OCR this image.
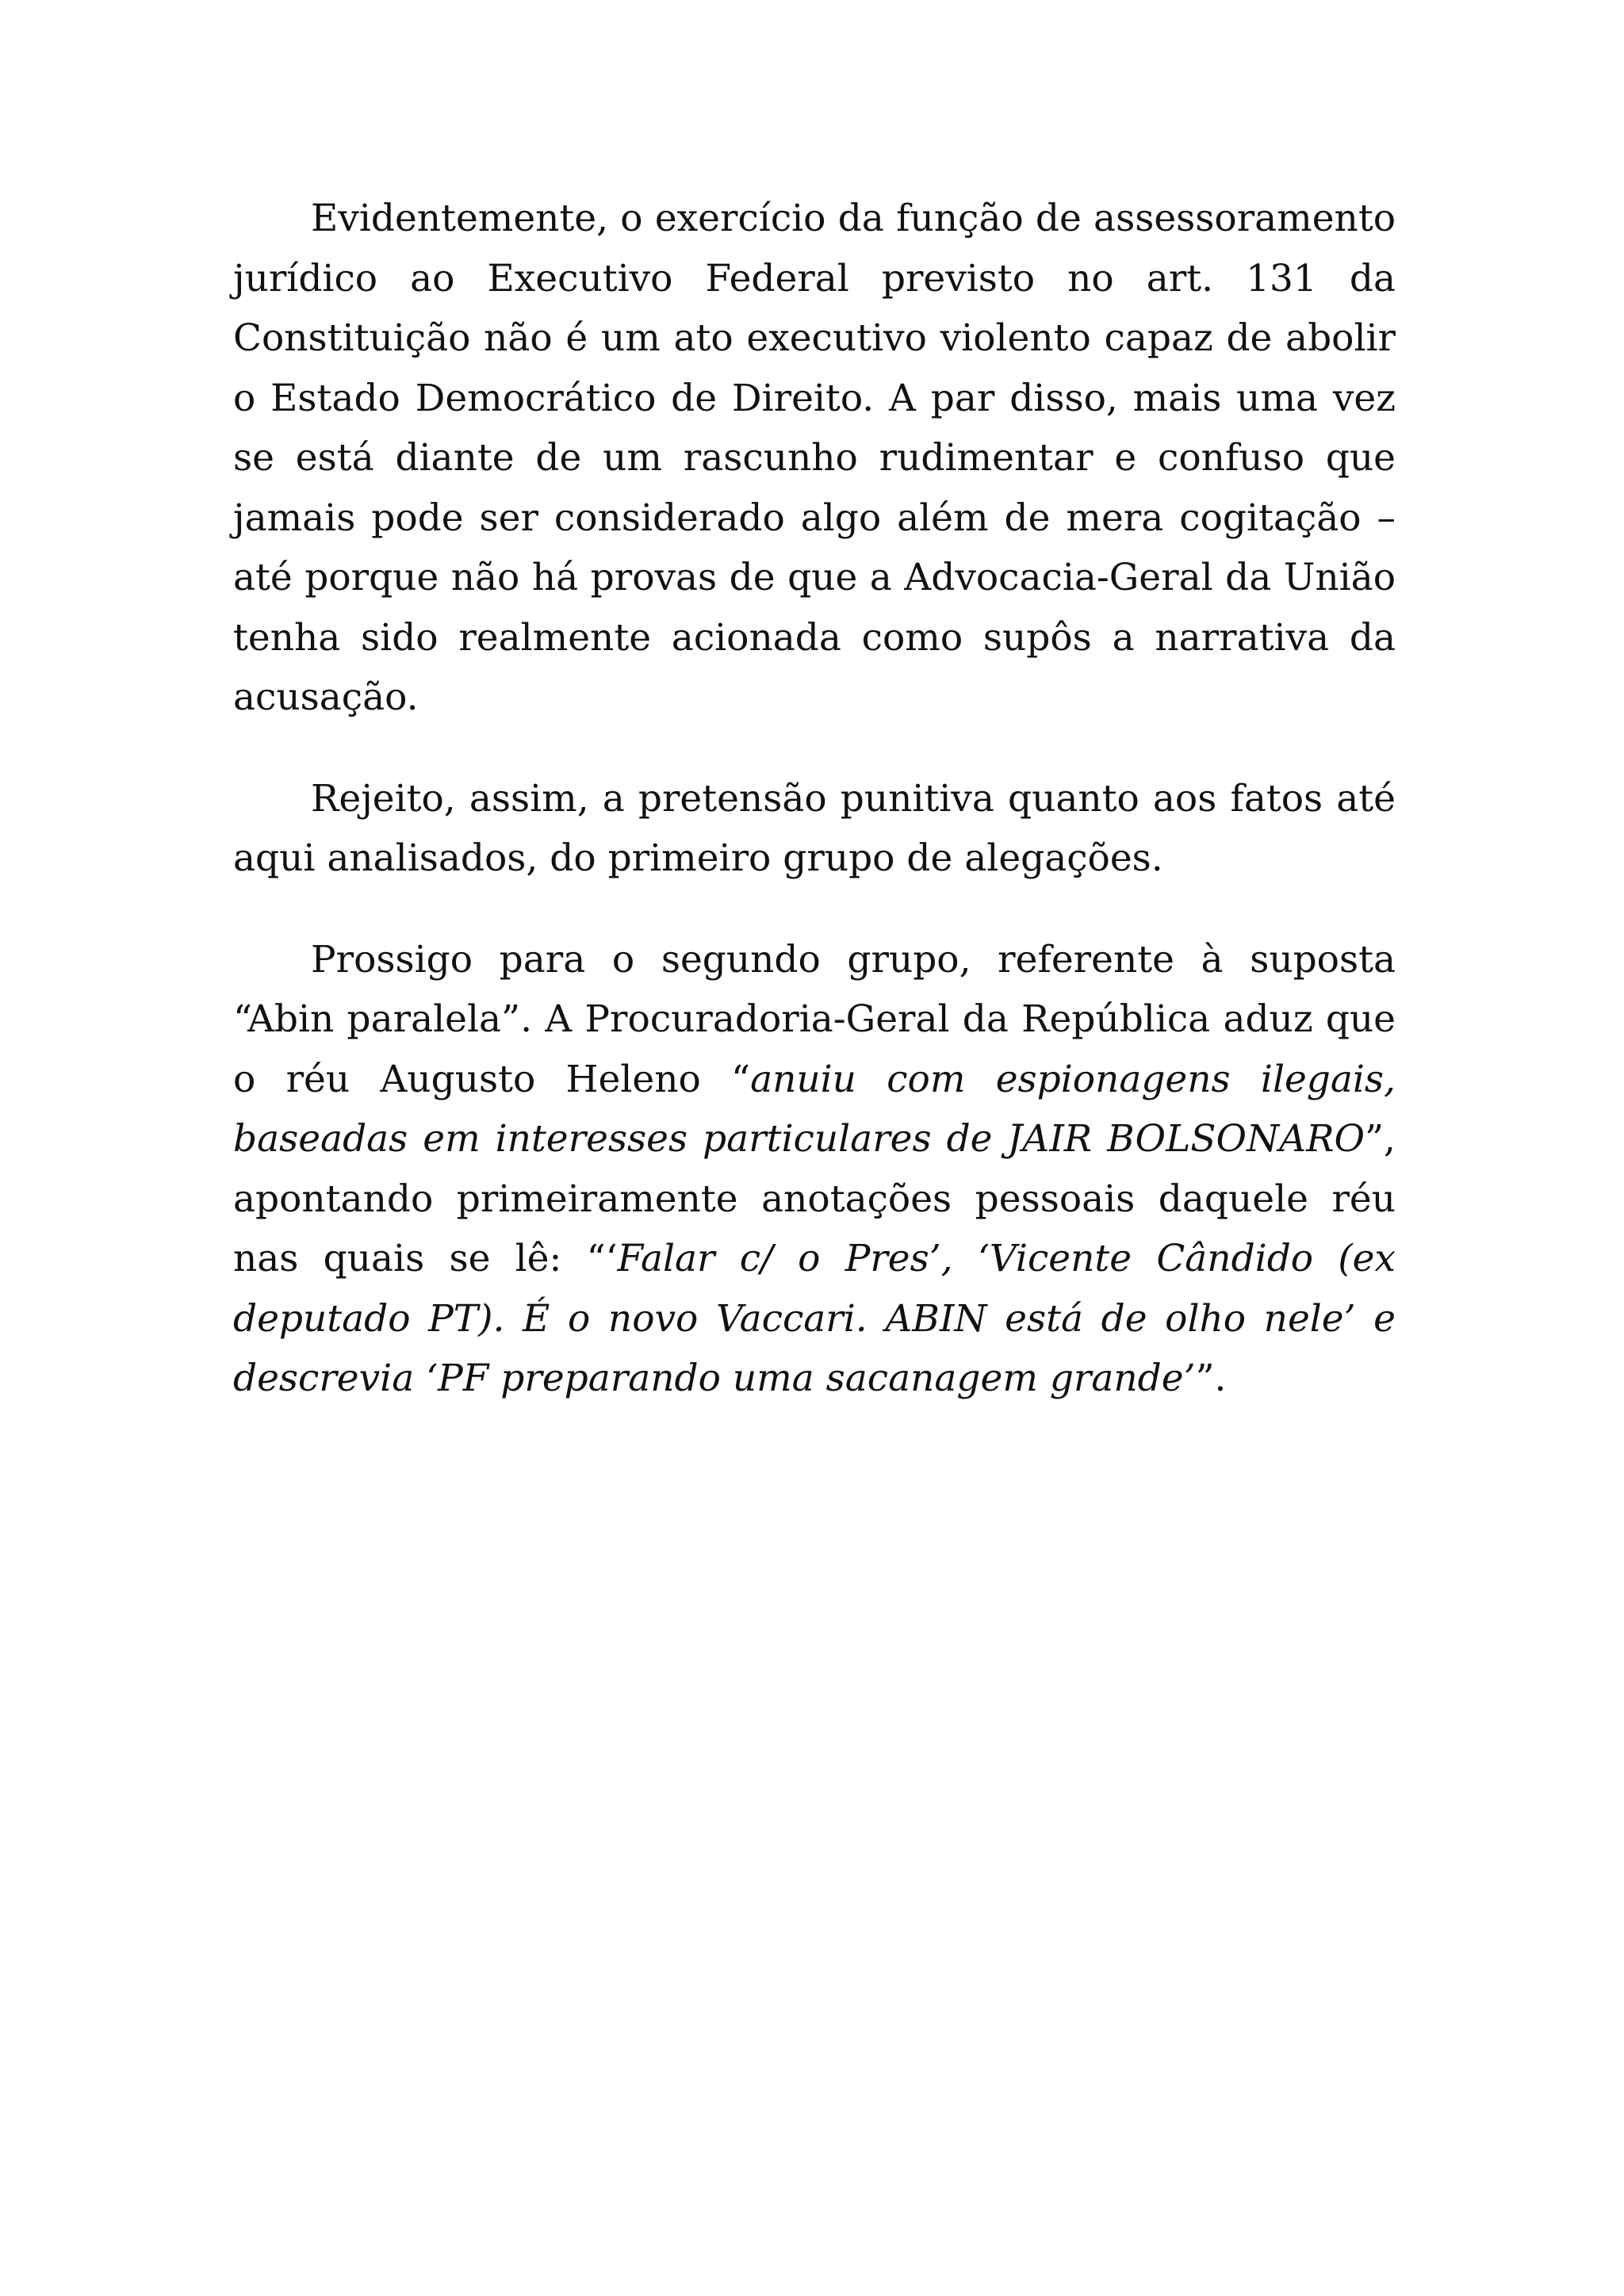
Evidentemente, o exercício da função de assessoramento jurídico ao Executivo Federal previsto no art. 131 da Constituição não é um ato executivo violento capaz de abolir o Estado Democrático de Direito. A par disso, mais uma vez se está diante de um rascunho rudimentar e confuso que jamais pode ser considerado algo além de mera cogitação – até porque não há provas de que a Advocacia-Geral da União tenha sido realmente acionada como supôs a narrativa da acusação.

Rejeito, assim, a pretensão punitiva quanto aos fatos até aqui analisados, do primeiro grupo de alegações.

Prossigo para o segundo grupo, referente à suposta “Abin paralela”. A Procuradoria-Geral da República aduz que o réu Augusto Heleno “anuiu com espionagens ilegais, baseadas em interesses particulares de JAIR BOLSONARO”, apontando primeiramente anotações pessoais daquele réu nas quais se lê: “‘Falar c/ o Pres’, ‘Vicente Cândido (ex deputado PT). É o novo Vaccari. ABIN está de olho nele’ e descrevia ‘PF preparando uma sacanagem grande’”.
